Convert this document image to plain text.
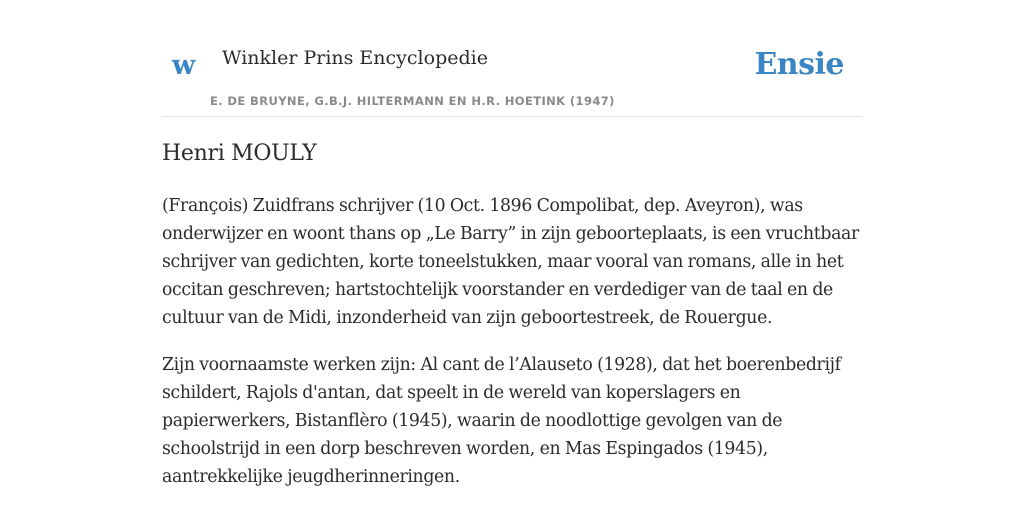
w Winkler Prins Encyclopedie
E. DE BRUYNE, G.B.J. HILTERMANN EN H.R. HOETINK (1947)
Ensie
Henri MOULY

(François) Zuidfrans schrijver (10 Oct. 1896 Compolibat, dep. Aveyron), was onderwijzer en woont thans op „Le Barry” in zijn geboorteplaats, is een vruchtbaar schrijver van gedichten, korte toneelstukken, maar vooral van romans, alle in het occitan geschreven; hartstochtelijk voorstander en verdediger van de taal en de cultuur van de Midi, inzonderheid van zijn geboortestreek, de Rouergue.

Zijn voornaamste werken zijn: Al cant de l’Alauseto (1928), dat het boerenbedrijf schildert, Rajols d'antan, dat speelt in de wereld van koperslagers en papierwerkers, Bistanflèro (1945), waarin de noodlottige gevolgen van de schoolstrijd in een dorp beschreven worden, en Mas Espingados (1945), aantrekkelijke jeugdherinneringen.
